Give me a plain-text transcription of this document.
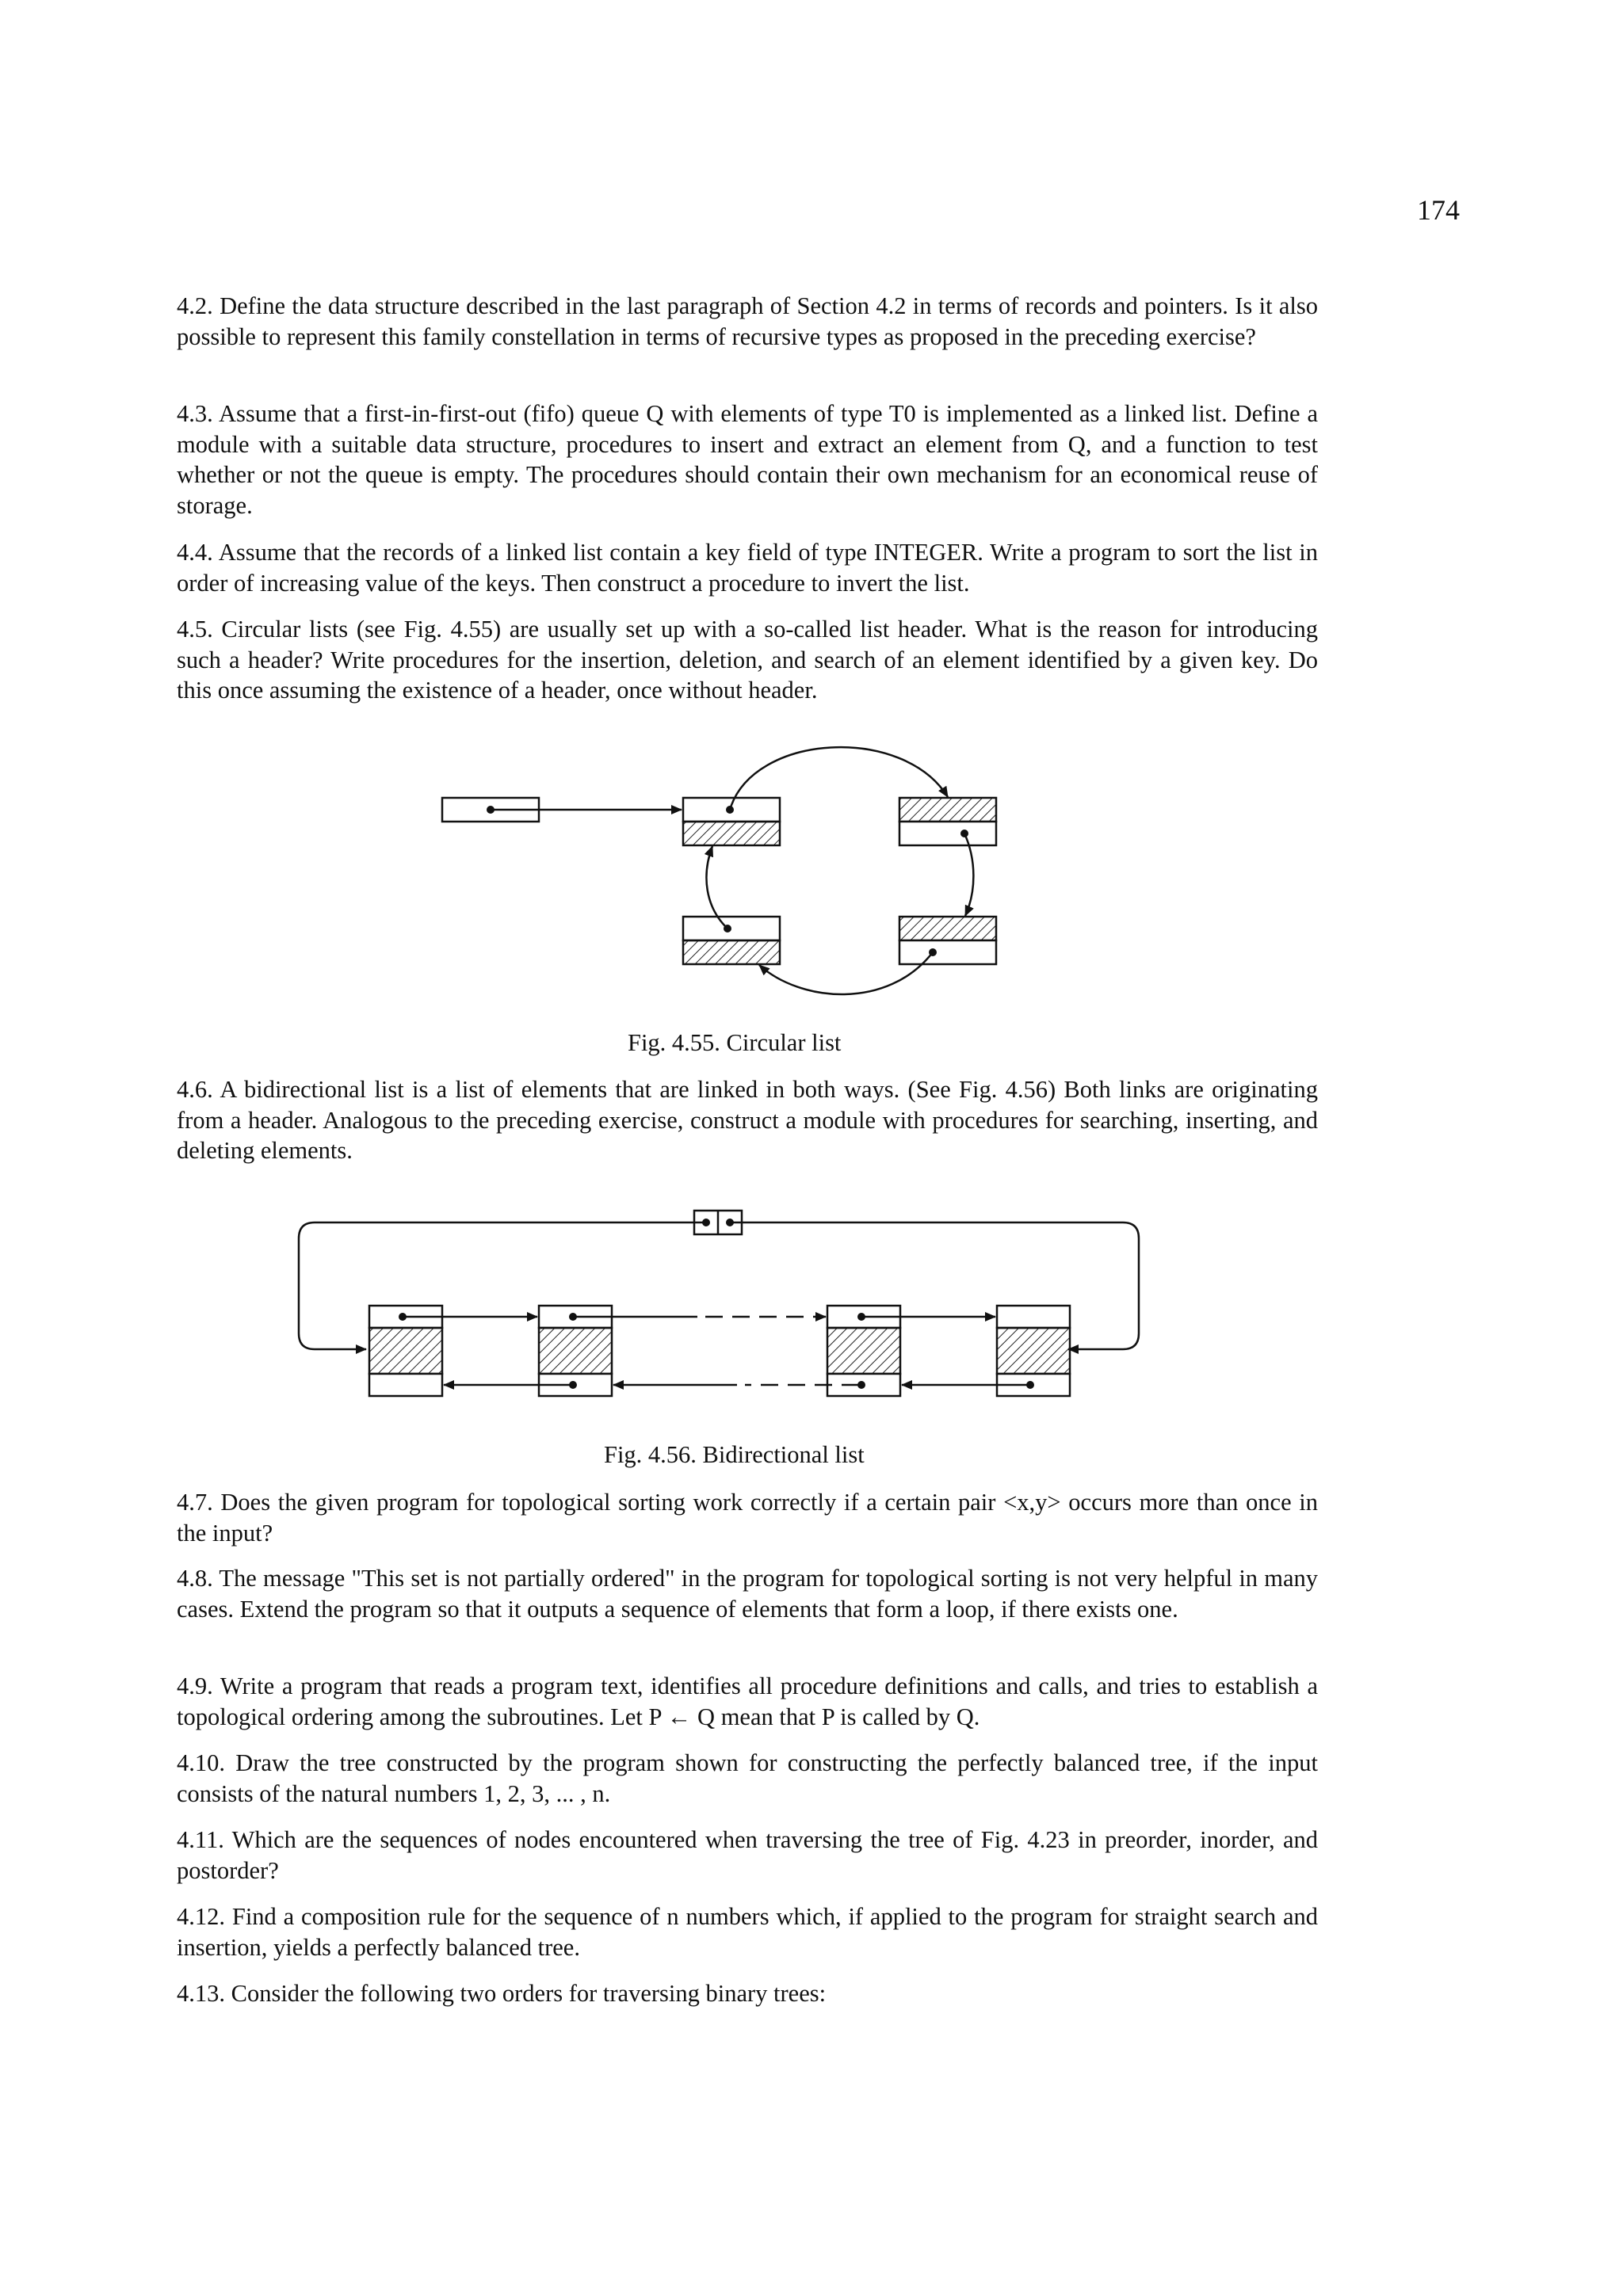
174

4.2. Define the data structure described in the last paragraph of Section 4.2 in terms of records and pointers. Is it also possible to represent this family constellation in terms of recursive types as proposed in the preceding exercise?

4.3. Assume that a first-in-first-out (fifo) queue Q with elements of type T0 is implemented as a linked list. Define a module with a suitable data structure, procedures to insert and extract an element from Q, and a function to test whether or not the queue is empty. The procedures should contain their own mechanism for an economical reuse of storage.

4.4. Assume that the records of a linked list contain a key field of type INTEGER. Write a program to sort the list in order of increasing value of the keys. Then construct a procedure to invert the list.

4.5. Circular lists (see Fig. 4.55) are usually set up with a so-called list header. What is the reason for introducing such a header? Write procedures for the insertion, deletion, and search of an element identified by a given key. Do this once assuming the existence of a header, once without header.

Fig. 4.55. Circular list

4.6. A bidirectional list is a list of elements that are linked in both ways. (See Fig. 4.56) Both links are originating from a header. Analogous to the preceding exercise, construct a module with procedures for searching, inserting, and deleting elements.

Fig. 4.56. Bidirectional list

4.7. Does the given program for topological sorting work correctly if a certain pair <x,y> occurs more than once in the input?

4.8. The message "This set is not partially ordered" in the program for topological sorting is not very helpful in many cases. Extend the program so that it outputs a sequence of elements that form a loop, if there exists one.

4.9. Write a program that reads a program text, identifies all procedure definitions and calls, and tries to establish a topological ordering among the subroutines. Let P ← Q mean that P is called by Q.

4.10. Draw the tree constructed by the program shown for constructing the perfectly balanced tree, if the input consists of the natural numbers 1, 2, 3, ... , n.

4.11. Which are the sequences of nodes encountered when traversing the tree of Fig. 4.23 in preorder, inorder, and postorder?

4.12. Find a composition rule for the sequence of n numbers which, if applied to the program for straight search and insertion, yields a perfectly balanced tree.

4.13. Consider the following two orders for traversing binary trees:
